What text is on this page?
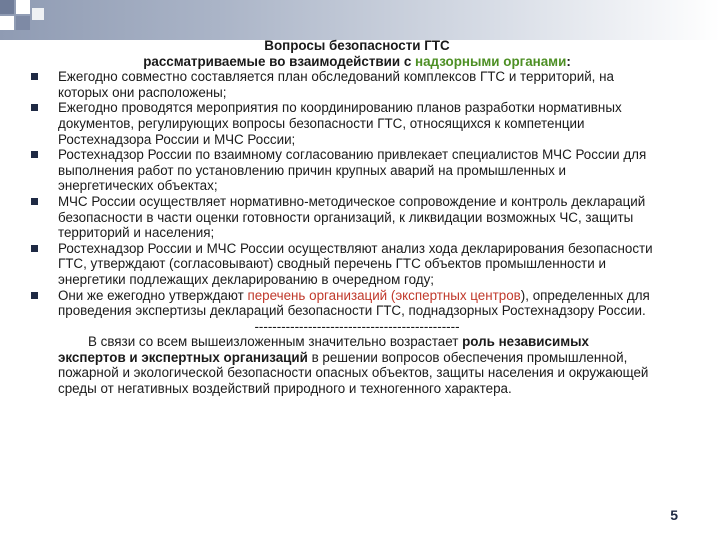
Вопросы безопасности ГТС
рассматриваемые во взаимодействии с надзорными органами:
Ежегодно совместно составляется план обследований комплексов ГТС и территорий, на которых они расположены;
Ежегодно проводятся мероприятия по координированию планов разработки нормативных документов, регулирующих вопросы безопасности ГТС, относящихся к компетенции Ростехнадзора России и МЧС России;
Ростехнадзор России по взаимному согласованию привлекает специалистов МЧС России для выполнения работ по установлению причин крупных аварий на промышленных и энергетических объектах;
МЧС России осуществляет нормативно-методическое сопровождение и контроль деклараций безопасности в части оценки готовности организаций, к ликвидации возможных ЧС, защиты территорий и населения;
Ростехнадзор России и МЧС России осуществляют анализ хода декларирования безопасности ГТС, утверждают (согласовывают) сводный перечень ГТС объектов промышленности и энергетики подлежащих декларированию в очередном году;
Они же ежегодно утверждают перечень организаций (экспертных центров), определенных для проведения экспертизы деклараций безопасности ГТС, поднадзорных Ростехнадзору России.
----------------------------------------------
В связи со всем вышеизложенным значительно возрастает роль независимых экспертов и экспертных организаций в решении вопросов обеспечения промышленной, пожарной и экологической безопасности опасных объектов, защиты населения и окружающей среды от негативных воздействий природного и техногенного характера.
5
